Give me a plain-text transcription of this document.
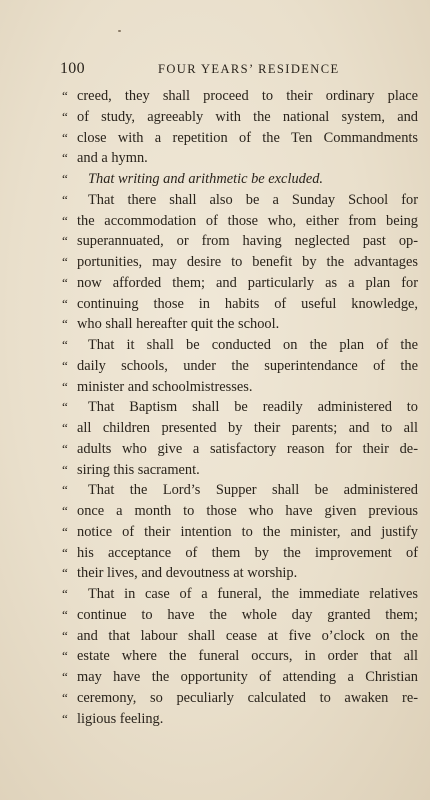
100	FOUR YEARS’ RESIDENCE
“ creed, they shall proceed to their ordinary place
“ of study, agreeably with the national system, and
“ close with a repetition of the Ten Commandments
“ and a hymn.
“ That writing and arithmetic be excluded.
“ That there shall also be a Sunday School for
“ the accommodation of those who, either from being
“ superannuated, or from having neglected past op-
“ portunities, may desire to benefit by the advantages
“ now afforded them; and particularly as a plan for
“ continuing those in habits of useful knowledge,
“ who shall hereafter quit the school.
“ That it shall be conducted on the plan of the
“ daily schools, under the superintendance of the
“ minister and schoolmistresses.
“ That Baptism shall be readily administered to
“ all children presented by their parents; and to all
“ adults who give a satisfactory reason for their de-
“ siring this sacrament.
“ That the Lord’s Supper shall be administered
“ once a month to those who have given previous
“ notice of their intention to the minister, and justify
“ his acceptance of them by the improvement of
“ their lives, and devoutness at worship.
“ That in case of a funeral, the immediate relatives
“ continue to have the whole day granted them;
“ and that labour shall cease at five o’clock on the
“ estate where the funeral occurs, in order that all
“ may have the opportunity of attending a Christian
“ ceremony, so peculiarly calculated to awaken re-
“ ligious feeling.
